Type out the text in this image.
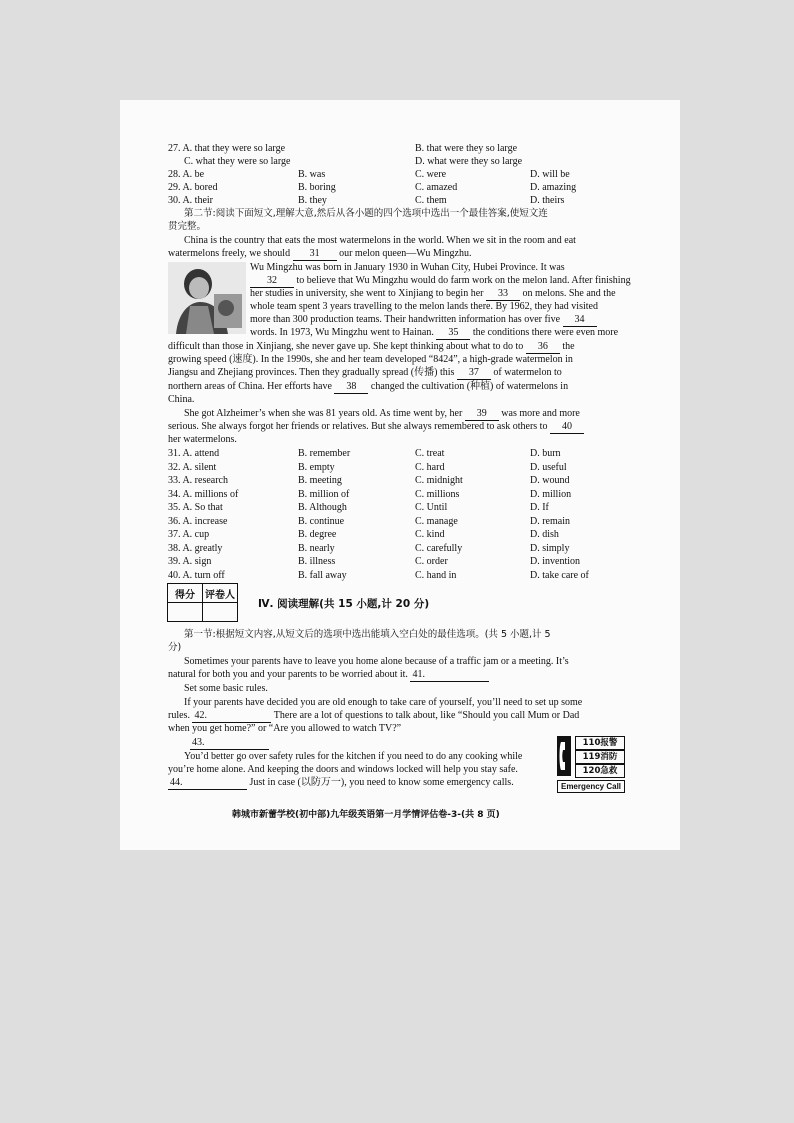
27. A. that they were so large	B. that were they so large
C. what they were so large	D. what were they so large
第二节:阅读下面短文,理解大意,然后从各小题的四个选项中选出一个最佳答案,使短文连
贯完整。
China is the country that eats the most watermelons in the world. When we sit in the room and eat
watermelons freely, we should 31 our melon queen—Wu Mingzhu.
Wu Mingzhu was born in January 1930 in Wuhan City, Hubei Province. It was
32 to believe that Wu Mingzhu would do farm work on the melon land. After finishing
her studies in university, she went to Xinjiang to begin her 33 on melons. She and the
whole team spent 3 years travelling to the melon lands there. By 1962, they had visited
more than 300 production teams. Their handwritten information has over five 34
words. In 1973, Wu Mingzhu went to Hainan. 35 the conditions there were even more
difficult than those in Xinjiang, she never gave up. She kept thinking about what to do to 36 the
growing speed (速度). In the 1990s, she and her team developed “8424”, a high-grade watermelon in
Jiangsu and Zhejiang provinces. Then they gradually spread (传播) this 37 of watermelon to
northern areas of China. Her efforts have 38 changed the cultivation (种植) of watermelons in
China.
She got Alzheimer’s when she was 81 years old. As time went by, her 39 was more and more
serious. She always forgot her friends or relatives. But she always remembered to ask others to 40
her watermelons.
得分	评卷人

Ⅳ. 阅读理解(共 15 小题,计 20 分)
第一节:根据短文内容,从短文后的选项中选出能填入空白处的最佳选项。(共 5 小题,计 5
分)
Sometimes your parents have to leave you home alone because of a traffic jam or a meeting. It’s
natural for both you and your parents to be worried about it. 41.
Set some basic rules.
If your parents have decided you are old enough to take care of yourself, you’ll need to set up some
rules. 42.	There are a lot of questions to talk about, like “Should you call Mum or Dad
when you get home?” or “Are you allowed to watch TV?”
43.
You’d better go over safety rules for the kitchen if you need to do any cooking while
you’re home alone. And keeping the doors and windows locked will help you stay safe.
44.	Just in case (以防万一), you need to know some emergency calls.
110报警
119消防
120急救
Emergency Call
韩城市新蕾学校(初中部)九年级英语第一月学情评估卷-3-(共 8 页)
28. A. be	B. was	C. were	D. will be
29. A. bored	B. boring	C. amazed	D. amazing
30. A. their	B. they	C. them	D. theirs
31. A. attend	B. remember	C. treat	D. burn
32. A. silent	B. empty	C. hard	D. useful
33. A. research	B. meeting	C. midnight	D. wound
34. A. millions of	B. million of	C. millions	D. million
35. A. So that	B. Although	C. Until	D. If
36. A. increase	B. continue	C. manage	D. remain
37. A. cup	B. degree	C. kind	D. dish
38. A. greatly	B. nearly	C. carefully	D. simply
39. A. sign	B. illness	C. order	D. invention
40. A. turn off	B. fall away	C. hand in	D. take care of
